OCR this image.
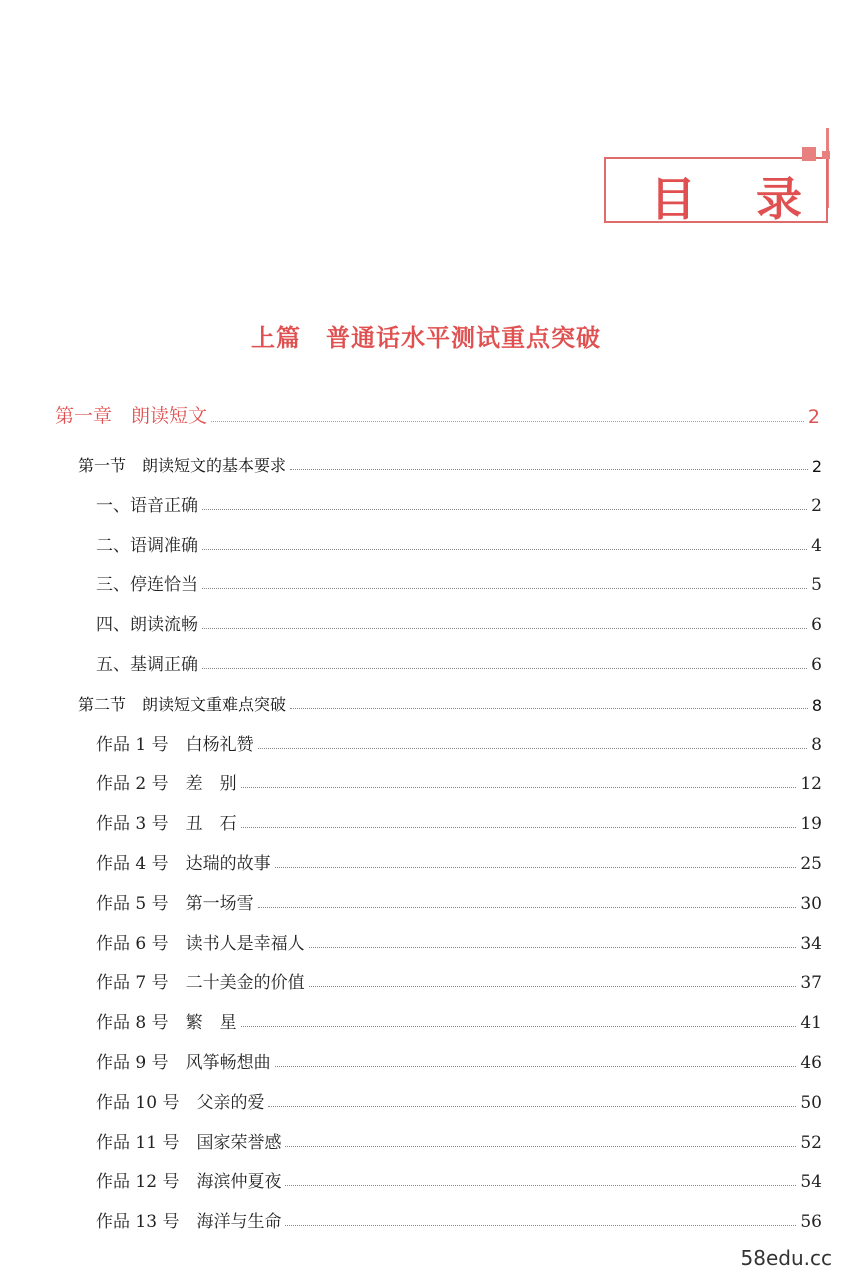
目 录
上篇　普通话水平测试重点突破
第一章　朗读短文	2
第一节　朗读短文的基本要求	2
一、语音正确	2
二、语调准确	4
三、停连恰当	5
四、朗读流畅	6
五、基调正确	6
第二节　朗读短文重难点突破	8
作品 1 号　白杨礼赞	8
作品 2 号　差　别	12
作品 3 号　丑　石	19
作品 4 号　达瑞的故事	25
作品 5 号　第一场雪	30
作品 6 号　读书人是幸福人	34
作品 7 号　二十美金的价值	37
作品 8 号　繁　星	41
作品 9 号　风筝畅想曲	46
作品 10 号　父亲的爱	50
作品 11 号　国家荣誉感	52
作品 12 号　海滨仲夏夜	54
作品 13 号　海洋与生命	56
58edu.cc
